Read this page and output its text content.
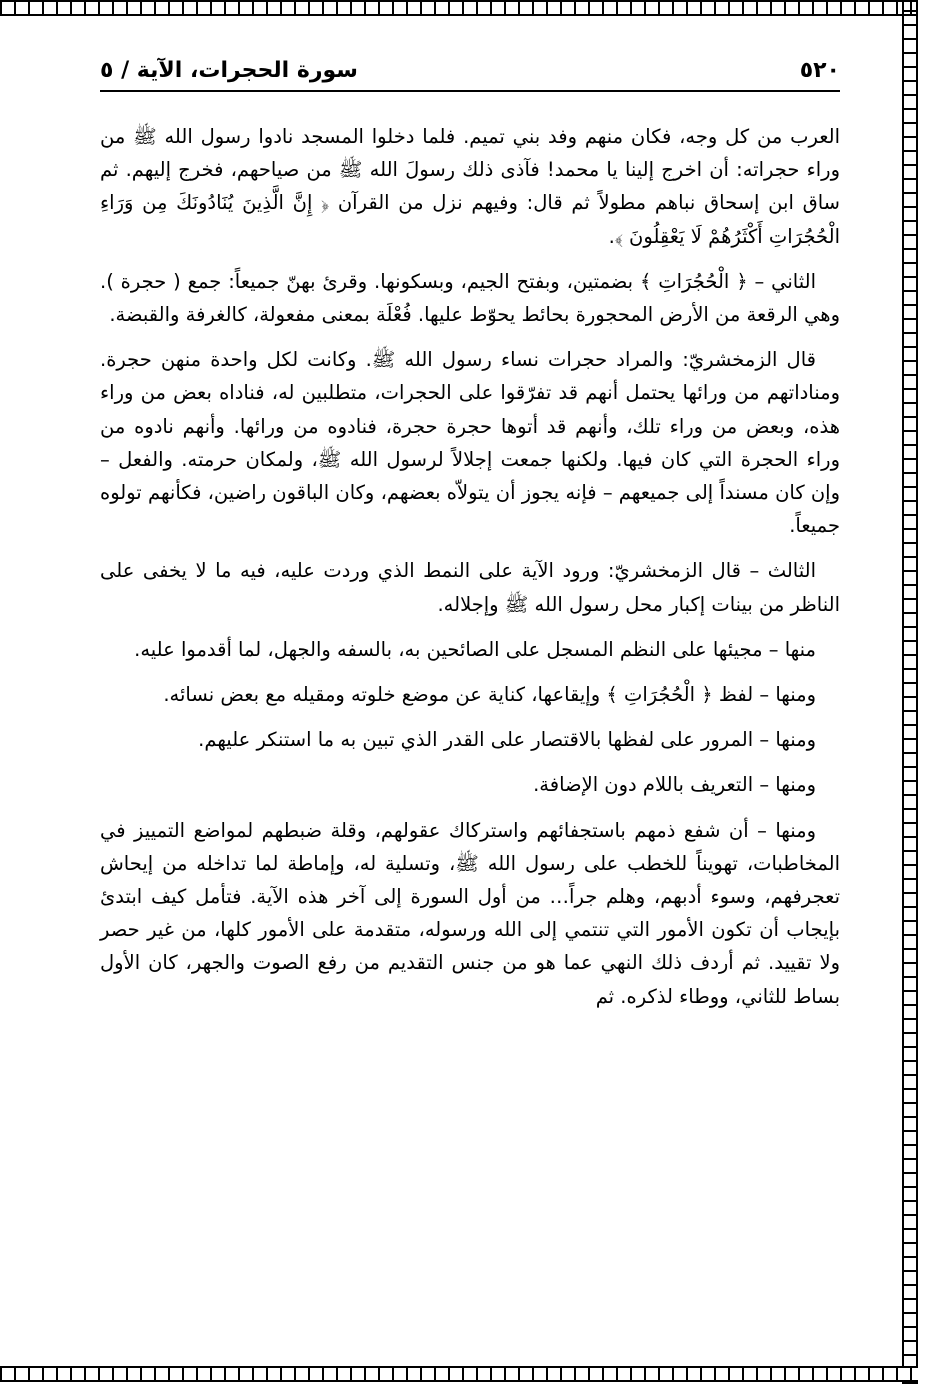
٥٢٠
سورة الحجرات، الآية / ٥

العرب من كل وجه، فكان منهم وفد بني تميم. فلما دخلوا المسجد نادوا رسول الله ﷺ من وراء حجراته: أن اخرج إلينا يا محمد! فآذى ذلك رسولَ الله ﷺ من صياحهم، فخرج إليهم. ثم ساق ابن إسحاق نباهم مطولاً ثم قال: وفيهم نزل من القرآن ﴿ إِنَّ الَّذِينَ يُنَادُونَكَ مِن وَرَاءِ الْحُجُرَاتِ أَكْثَرُهُمْ لَا يَعْقِلُونَ ﴾.

الثاني – ﴿ الْحُجُرَاتِ ﴾ بضمتين، وبفتح الجيم، وبسكونها. وقرئ بهنّ جميعاً: جمع ( حجرة ). وهي الرقعة من الأرض المحجورة بحائط يحوّط عليها. فُعْلَة بمعنى مفعولة، كالغرفة والقبضة.

قال الزمخشريّ: والمراد حجرات نساء رسول الله ﷺ. وكانت لكل واحدة منهن حجرة. ومناداتهم من ورائها يحتمل أنهم قد تفرّقوا على الحجرات، متطلبين له، فناداه بعض من وراء هذه، وبعض من وراء تلك، وأنهم قد أتوها حجرة حجرة، فنادوه من ورائها. وأنهم نادوه من وراء الحجرة التي كان فيها. ولكنها جمعت إجلالاً لرسول الله ﷺ، ولمكان حرمته. والفعل – وإن كان مسنداً إلى جميعهم – فإنه يجوز أن يتولاّه بعضهم، وكان الباقون راضين، فكأنهم تولوه جميعاً.

الثالث – قال الزمخشريّ: ورود الآية على النمط الذي وردت عليه، فيه ما لا يخفى على الناظر من بينات إكبار محل رسول الله ﷺ وإجلاله.

منها – مجيئها على النظم المسجل على الصائحين به، بالسفه والجهل، لما أقدموا عليه.

ومنها – لفظ ﴿ الْحُجُرَاتِ ﴾ وإيقاعها، كناية عن موضع خلوته ومقيله مع بعض نسائه.

ومنها – المرور على لفظها بالاقتصار على القدر الذي تبين به ما استنكر عليهم.

ومنها – التعريف باللام دون الإضافة.

ومنها – أن شفع ذمهم باستجفائهم واستركاك عقولهم، وقلة ضبطهم لمواضع التمييز في المخاطبات، تهويناً للخطب على رسول الله ﷺ، وتسلية له، وإماطة لما تداخله من إيحاش تعجرفهم، وسوء أدبهم، وهلم جراً… من أول السورة إلى آخر هذه الآية. فتأمل كيف ابتدئ بإيجاب أن تكون الأمور التي تنتمي إلى الله ورسوله، متقدمة على الأمور كلها، من غير حصر ولا تقييد. ثم أردف ذلك النهي عما هو من جنس التقديم من رفع الصوت والجهر، كان الأول بساط للثاني، ووطاء لذكره. ثم
